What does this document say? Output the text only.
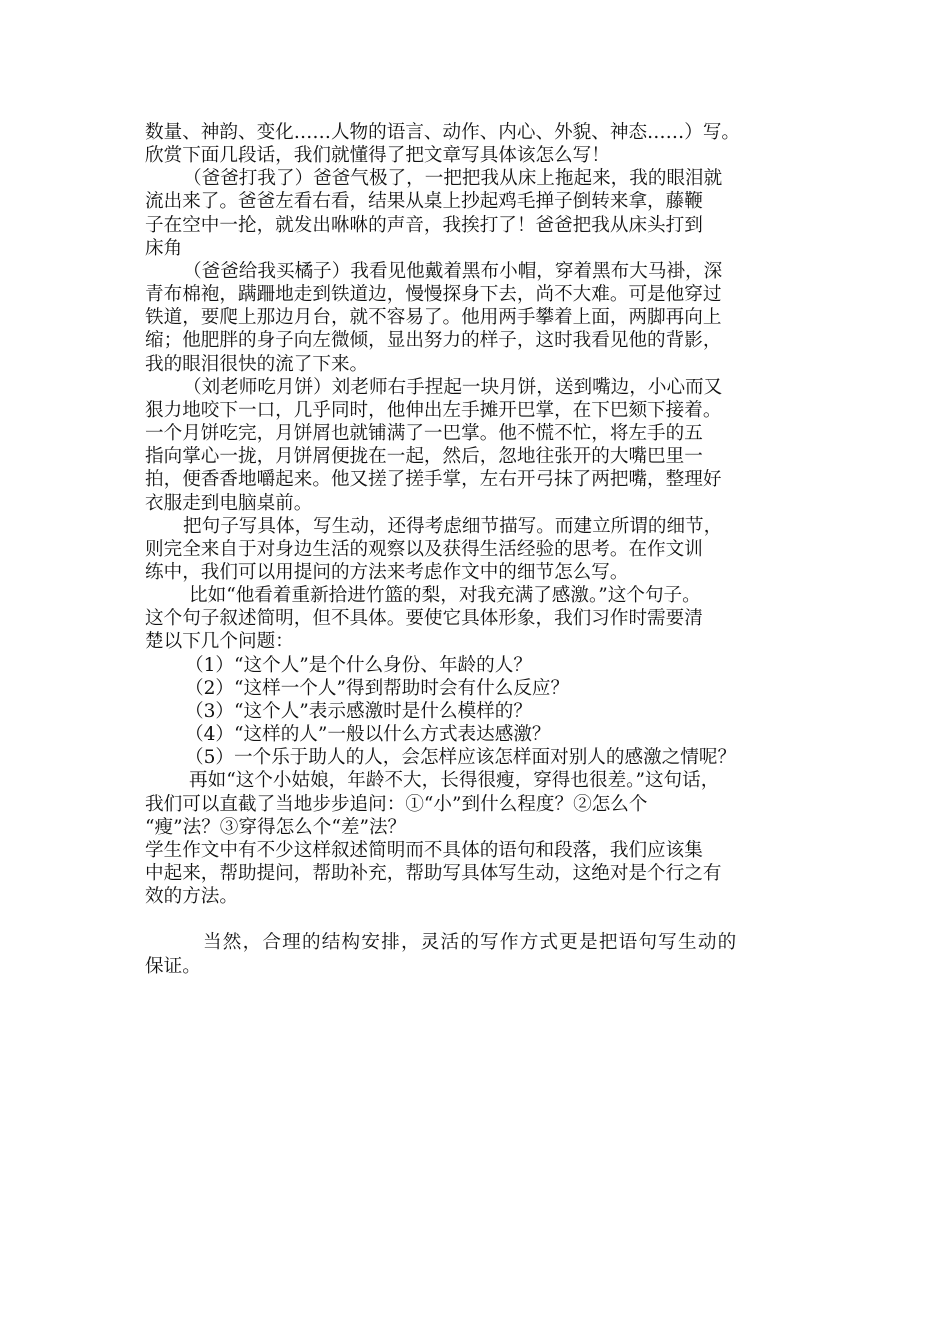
数量、神韵、变化……人物的语言、动作、内心、外貌、神态……）写。
欣赏下面几段话，我们就懂得了把文章写具体该怎么写！
（爸爸打我了）爸爸气极了，一把把我从床上拖起来，我的眼泪就
流出来了。爸爸左看右看，结果从桌上抄起鸡毛掸子倒转来拿，藤鞭
子在空中一抡，就发出咻咻的声音，我挨打了！爸爸把我从床头打到
床角
（爸爸给我买橘子）我看见他戴着黑布小帽，穿着黑布大马褂，深
青布棉袍，蹒跚地走到铁道边，慢慢探身下去，尚不大难。可是他穿过
铁道，要爬上那边月台，就不容易了。他用两手攀着上面，两脚再向上
缩；他肥胖的身子向左微倾，显出努力的样子，这时我看见他的背影，
我的眼泪很快的流了下来。
（刘老师吃月饼）刘老师右手捏起一块月饼，送到嘴边，小心而又
狠力地咬下一口，几乎同时，他伸出左手摊开巴掌，在下巴颏下接着。
一个月饼吃完，月饼屑也就铺满了一巴掌。他不慌不忙，将左手的五
指向掌心一拢，月饼屑便拢在一起，然后，忽地往张开的大嘴巴里一
拍，便香香地嚼起来。他又搓了搓手掌，左右开弓抹了两把嘴，整理好
衣服走到电脑桌前。
把句子写具体，写生动，还得考虑细节描写。而建立所谓的细节，
则完全来自于对身边生活的观察以及获得生活经验的思考。在作文训
练中，我们可以用提问的方法来考虑作文中的细节怎么写。
比如“他看着重新拾进竹篮的梨，对我充满了感激。”这个句子。
这个句子叙述简明，但不具体。要使它具体形象，我们习作时需要清
楚以下几个问题：
（1）“这个人”是个什么身份、年龄的人？
（2）“这样一个人”得到帮助时会有什么反应？
（3）“这个人”表示感激时是什么模样的？
（4）“这样的人”一般以什么方式表达感激？
（5）一个乐于助人的人，会怎样应该怎样面对别人的感激之情呢？
再如“这个小姑娘，年龄不大，长得很瘦，穿得也很差。”这句话，
我们可以直截了当地步步追问：①“小”到什么程度？②怎么个
“瘦”法？③穿得怎么个“差”法？
学生作文中有不少这样叙述简明而不具体的语句和段落，我们应该集
中起来，帮助提问，帮助补充，帮助写具体写生动，这绝对是个行之有
效的方法。
当然，合理的结构安排，灵活的写作方式更是把语句写生动的
保证。
